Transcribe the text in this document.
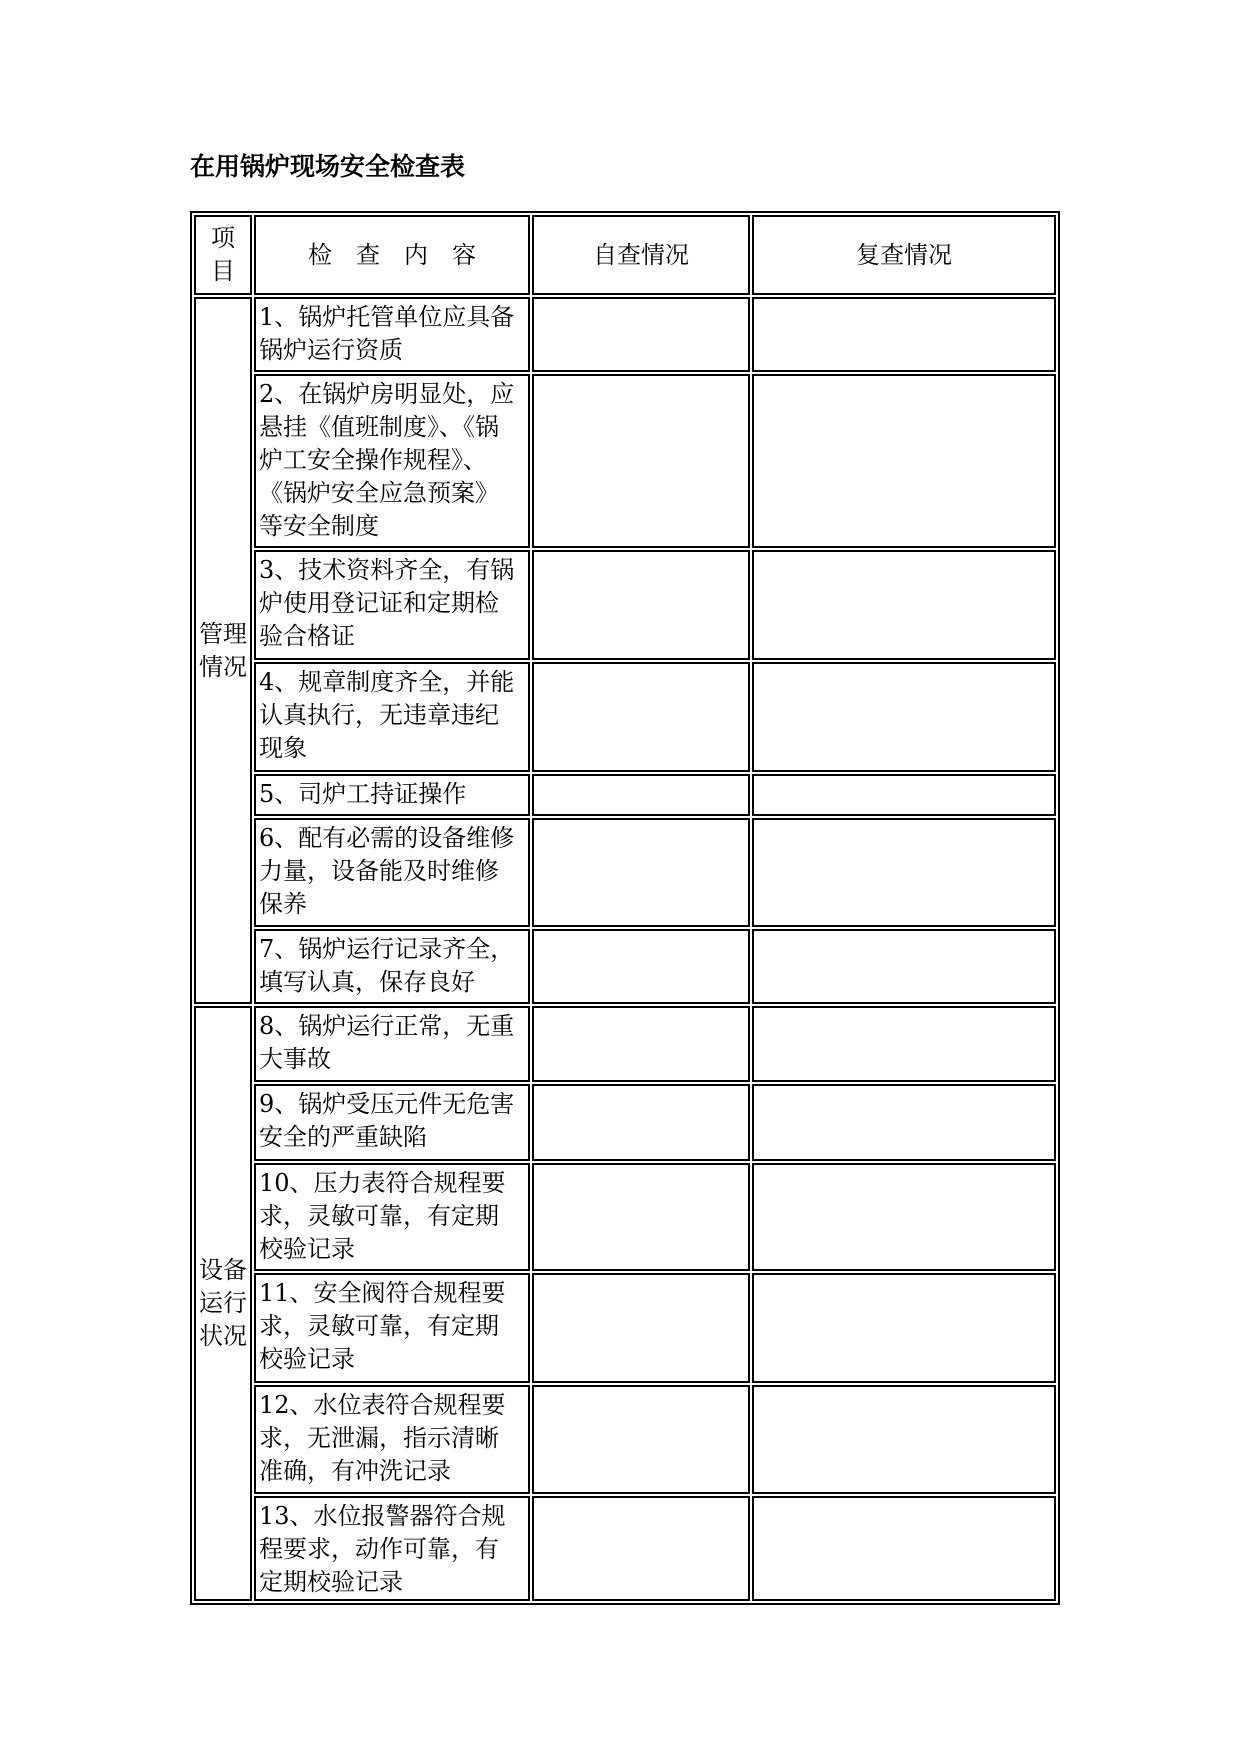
在用锅炉现场安全检查表
项目	检　查　内　容	自查情况	复查情况
管理情况	1、锅炉托管单位应具备锅炉运行资质		
	2、在锅炉房明显处，应悬挂《值班制度》、《锅炉工安全操作规程》、《锅炉安全应急预案》等安全制度		
	3、技术资料齐全，有锅炉使用登记证和定期检验合格证		
	4、规章制度齐全，并能认真执行，无违章违纪现象		
	5、司炉工持证操作		
	6、配有必需的设备维修力量，设备能及时维修保养		
	7、锅炉运行记录齐全，填写认真，保存良好		
设备运行状况	8、锅炉运行正常，无重大事故		
	9、锅炉受压元件无危害安全的严重缺陷		
	10、压力表符合规程要求，灵敏可靠，有定期校验记录		
	11、安全阀符合规程要求，灵敏可靠，有定期校验记录		
	12、水位表符合规程要求，无泄漏，指示清晰准确，有冲洗记录		
	13、水位报警器符合规程要求，动作可靠，有定期校验记录		
